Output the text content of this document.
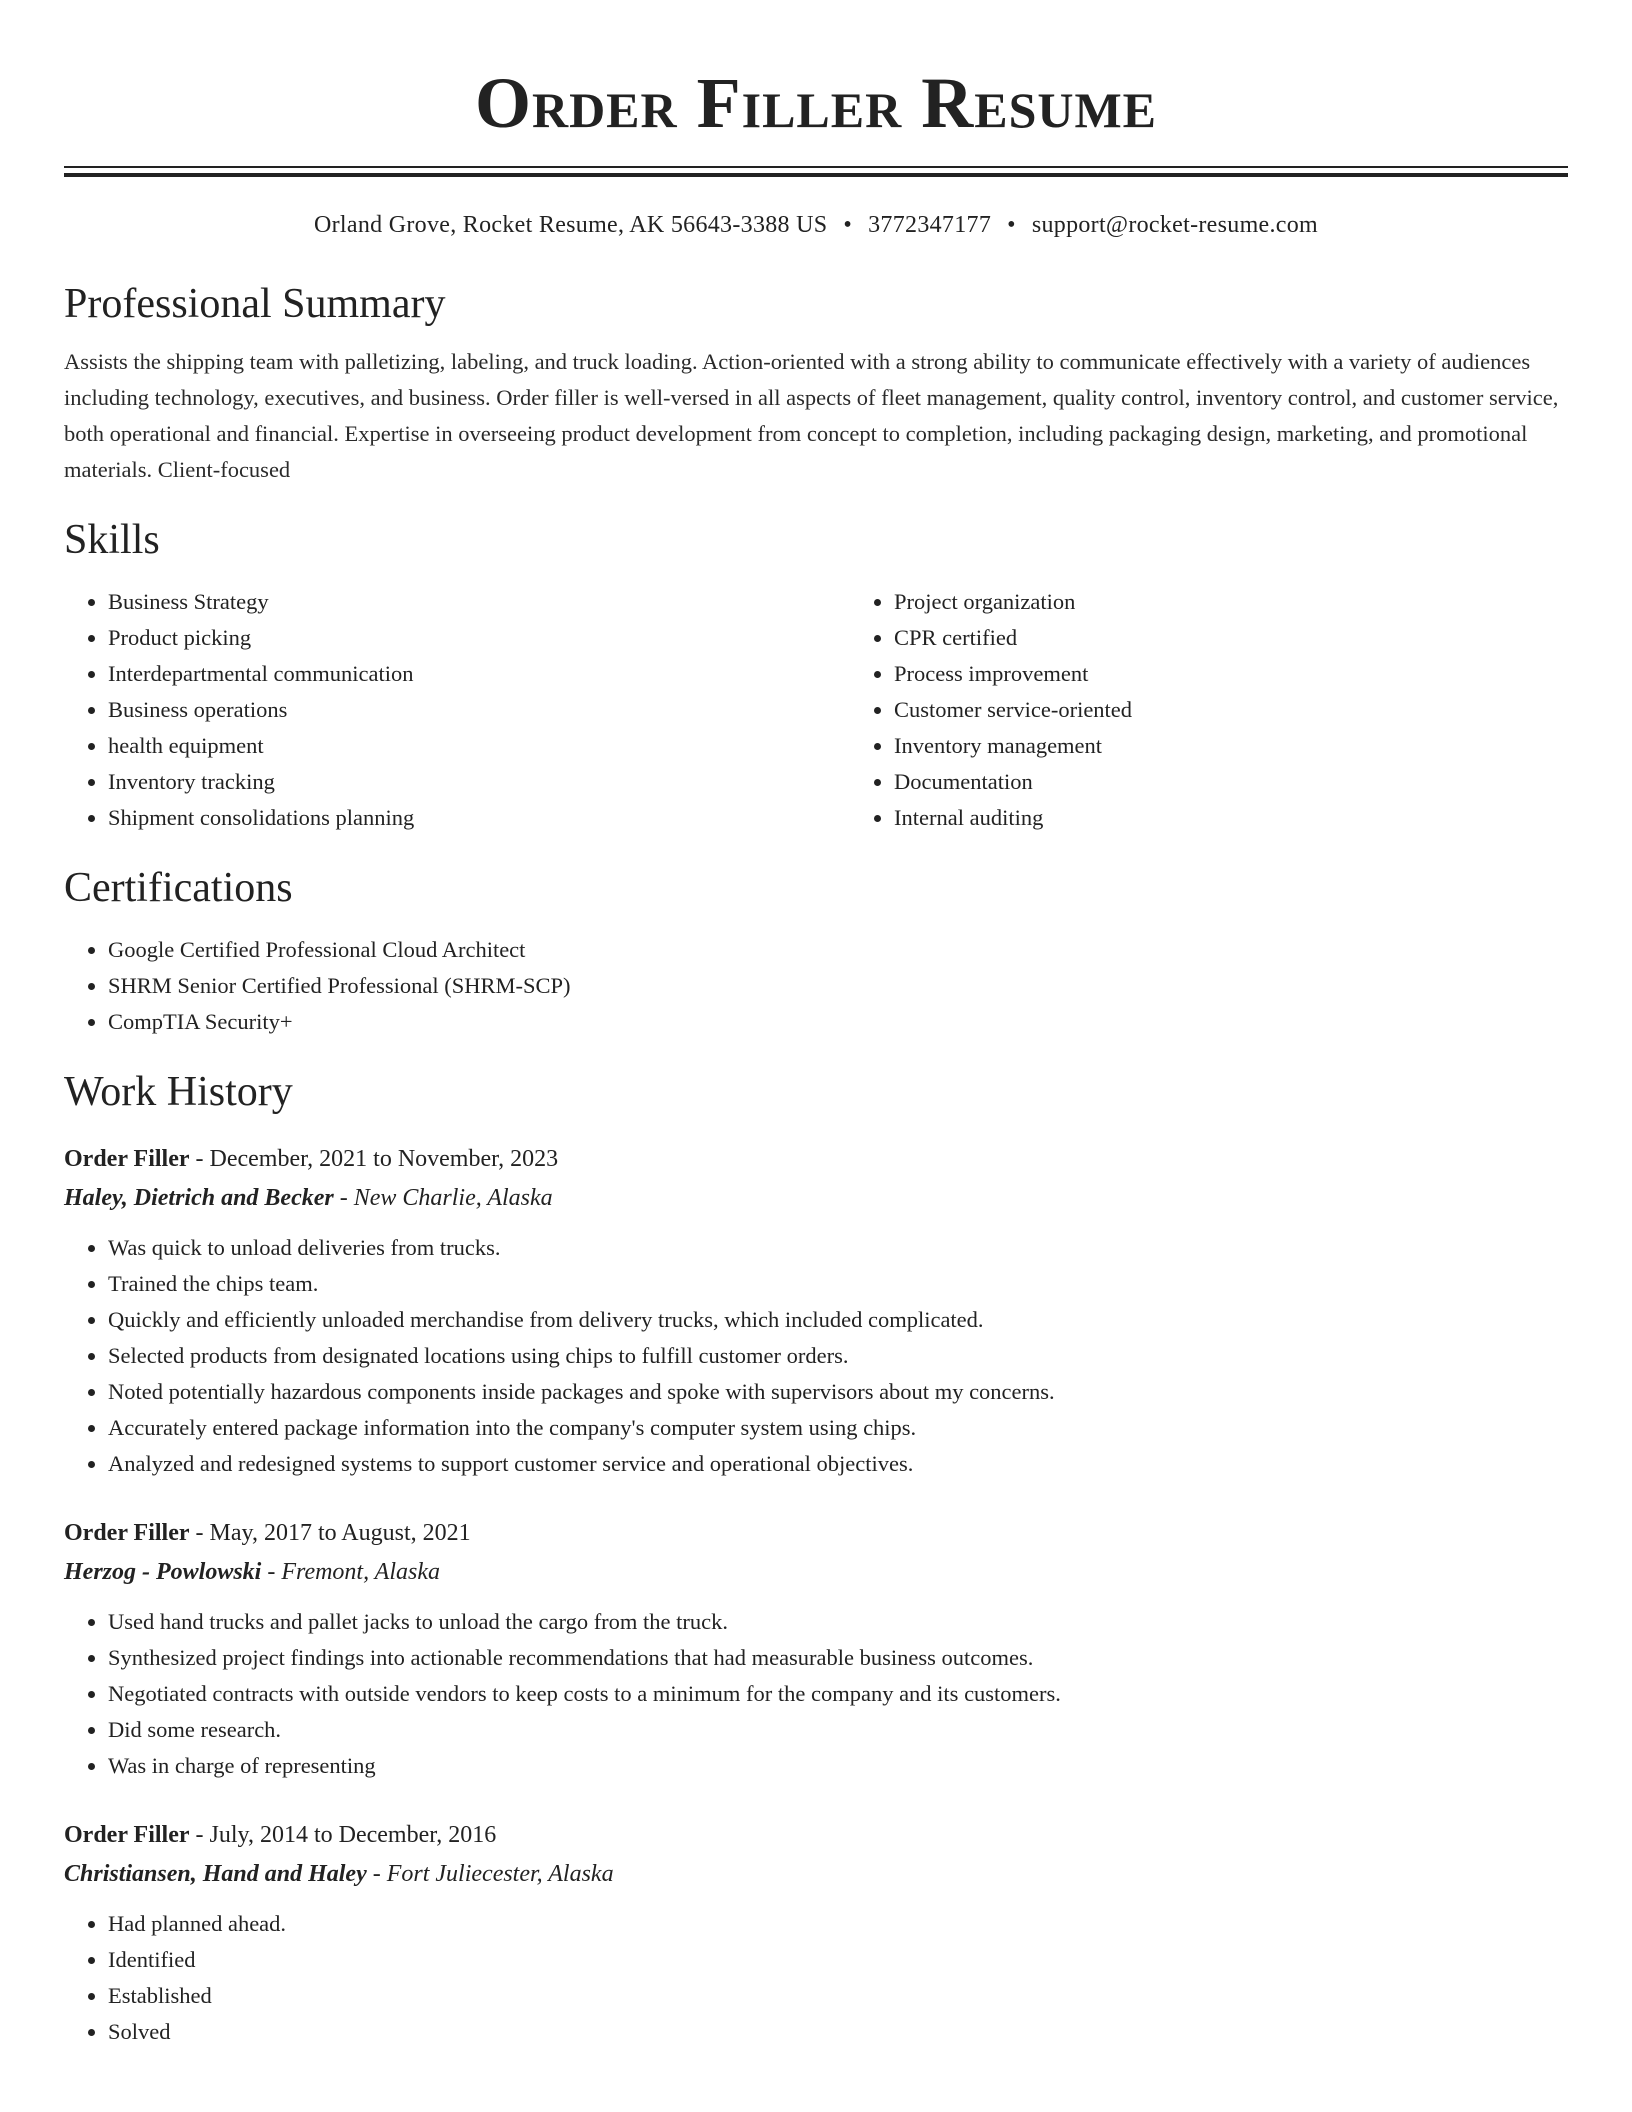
Order Filler Resume
Orland Grove, Rocket Resume, AK 56643-3388 US • 3772347177 • support@rocket-resume.com
Professional Summary

Assists the shipping team with palletizing, labeling, and truck loading. Action-oriented with a strong ability to communicate effectively with a variety of audiences including technology, executives, and business. Order filler is well-versed in all aspects of fleet management, quality control, inventory control, and customer service, both operational and financial. Expertise in overseeing product development from concept to completion, including packaging design, marketing, and promotional materials. Client-focused

Skills
• Business Strategy
• Product picking
• Interdepartmental communication
• Business operations
• health equipment
• Inventory tracking
• Shipment consolidations planning
• Project organization
• CPR certified
• Process improvement
• Customer service-oriented
• Inventory management
• Documentation
• Internal auditing
Certifications
• Google Certified Professional Cloud Architect
• SHRM Senior Certified Professional (SHRM-SCP)
• CompTIA Security+
Work History
Order Filler - December, 2021 to November, 2023
Haley, Dietrich and Becker - New Charlie, Alaska
• Was quick to unload deliveries from trucks.
• Trained the chips team.
• Quickly and efficiently unloaded merchandise from delivery trucks, which included complicated.
• Selected products from designated locations using chips to fulfill customer orders.
• Noted potentially hazardous components inside packages and spoke with supervisors about my concerns.
• Accurately entered package information into the company's computer system using chips.
• Analyzed and redesigned systems to support customer service and operational objectives.
Order Filler - May, 2017 to August, 2021
Herzog - Powlowski - Fremont, Alaska
• Used hand trucks and pallet jacks to unload the cargo from the truck.
• Synthesized project findings into actionable recommendations that had measurable business outcomes.
• Negotiated contracts with outside vendors to keep costs to a minimum for the company and its customers.
• Did some research.
• Was in charge of representing
Order Filler - July, 2014 to December, 2016
Christiansen, Hand and Haley - Fort Juliecester, Alaska
• Had planned ahead.
• Identified
• Established
• Solved
